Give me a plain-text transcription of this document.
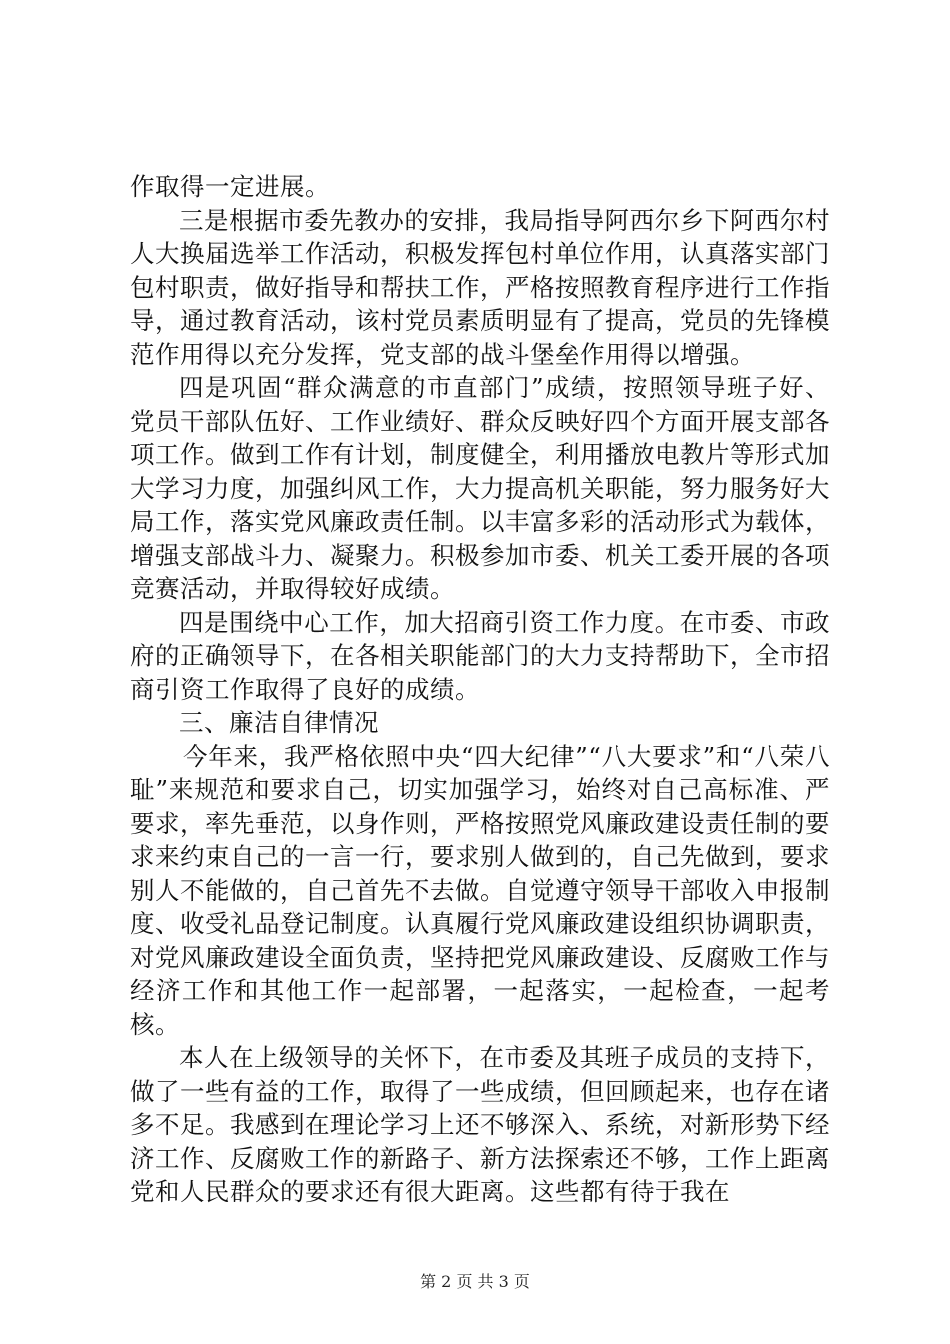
作取得一定进展。

三是根据市委先教办的安排，我局指导阿西尔乡下阿西尔村人大换届选举工作活动，积极发挥包村单位作用，认真落实部门包村职责，做好指导和帮扶工作，严格按照教育程序进行工作指导，通过教育活动，该村党员素质明显有了提高，党员的先锋模范作用得以充分发挥，党支部的战斗堡垒作用得以增强。

四是巩固“群众满意的市直部门”成绩，按照领导班子好、党员干部队伍好、工作业绩好、群众反映好四个方面开展支部各项工作。做到工作有计划，制度健全，利用播放电教片等形式加大学习力度，加强纠风工作，大力提高机关职能，努力服务好大局工作，落实党风廉政责任制。以丰富多彩的活动形式为载体，增强支部战斗力、凝聚力。积极参加市委、机关工委开展的各项竞赛活动，并取得较好成绩。

四是围绕中心工作，加大招商引资工作力度。在市委、市政府的正确领导下，在各相关职能部门的大力支持帮助下，全市招商引资工作取得了良好的成绩。

三、廉洁自律情况

今年来，我严格依照中央“四大纪律”“八大要求”和“八荣八耻”来规范和要求自己，切实加强学习，始终对自己高标准、严要求，率先垂范，以身作则，严格按照党风廉政建设责任制的要求来约束自己的一言一行，要求别人做到的，自己先做到，要求别人不能做的，自己首先不去做。自觉遵守领导干部收入申报制度、收受礼品登记制度。认真履行党风廉政建设组织协调职责，对党风廉政建设全面负责，坚持把党风廉政建设、反腐败工作与经济工作和其他工作一起部署，一起落实，一起检查，一起考核。

本人在上级领导的关怀下，在市委及其班子成员的支持下，做了一些有益的工作，取得了一些成绩，但回顾起来，也存在诸多不足。我感到在理论学习上还不够深入、系统，对新形势下经济工作、反腐败工作的新路子、新方法探索还不够，工作上距离党和人民群众的要求还有很大距离。这些都有待于我在

第 2 页 共 3 页
